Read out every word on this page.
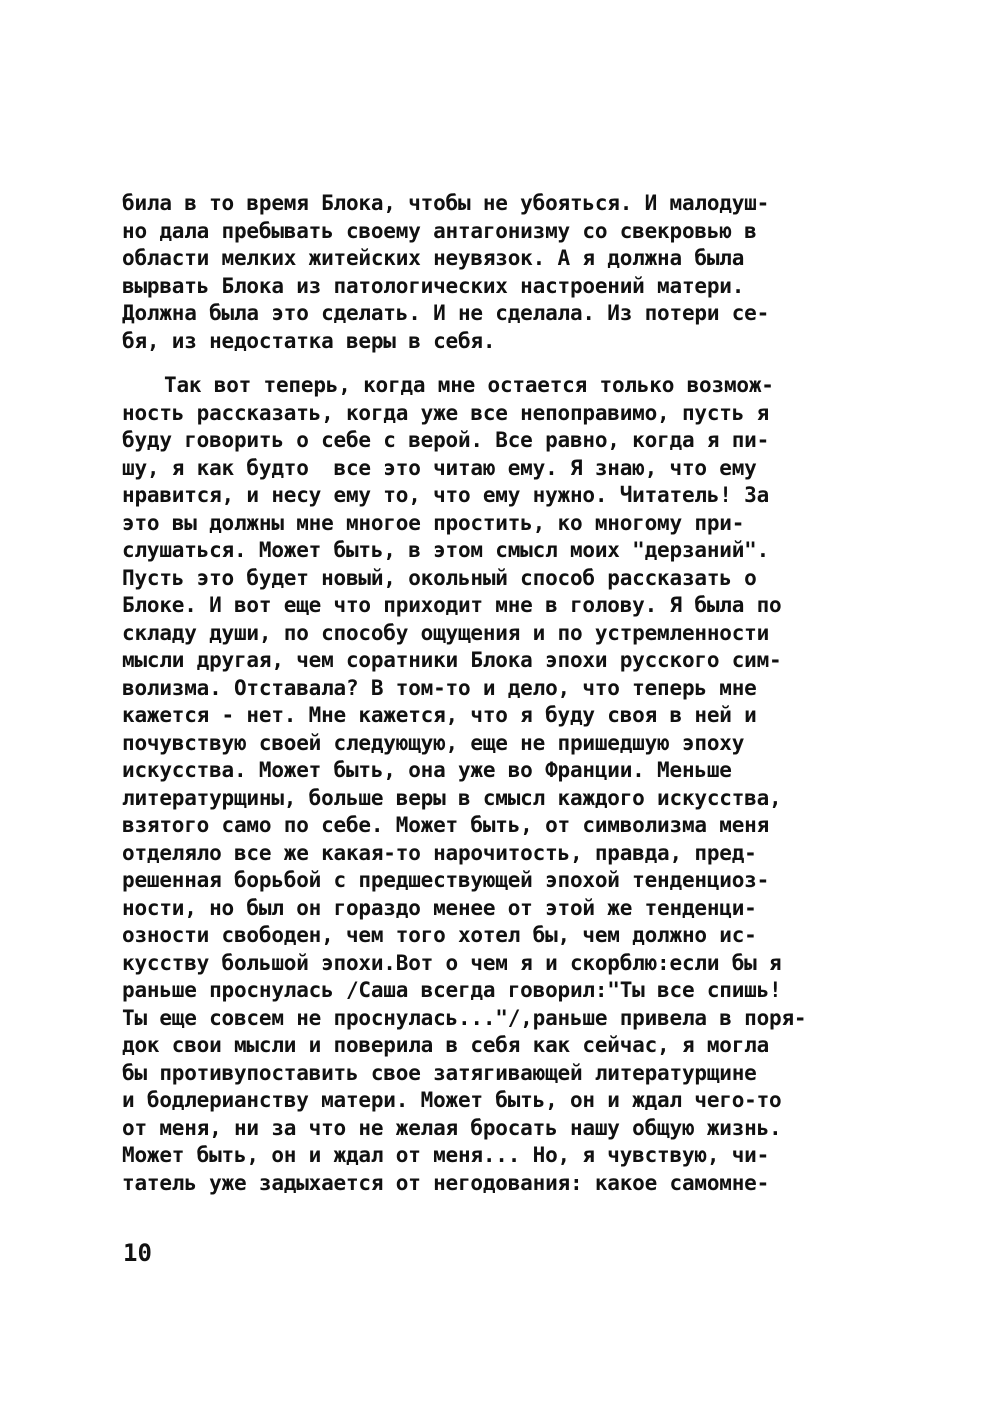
била в то время Блока, чтобы не убояться. И малодуш-
но дала пребывать своему антагонизму со свекровью в
области мелких житейских неувязок. А я должна была
вырвать Блока из патологических настроений матери.
Должна была это сделать. И не сделала. Из потери се-
бя, из недостатка веры в себя.
Так вот теперь, когда мне остается только возмож-
ность рассказать, когда уже все непоправимо, пусть я
буду говорить о себе с верой. Все равно, когда я пи-
шу, я как будто  все это читаю ему. Я знаю, что ему
нравится, и несу ему то, что ему нужно. Читатель! За
это вы должны мне многое простить, ко многому при-
слушаться. Может быть, в этом смысл моих "дерзаний".
Пусть это будет новый, окольный способ рассказать о
Блоке. И вот еще что приходит мне в голову. Я была по
складу души, по способу ощущения и по устремленности
мысли другая, чем соратники Блока эпохи русского сим-
волизма. Отставала? В том-то и дело, что теперь мне
кажется - нет. Мне кажется, что я буду своя в ней и
почувствую своей следующую, еще не пришедшую эпоху
искусства. Может быть, она уже во Франции. Меньше
литературщины, больше веры в смысл каждого искусства,
взятого само по себе. Может быть, от символизма меня
отделяло все же какая-то нарочитость, правда, пред-
решенная борьбой с предшествующей эпохой тенденциоз-
ности, но был он гораздо менее от этой же тенденци-
озности свободен, чем того хотел бы, чем должно ис-
кусству большой эпохи.Вот о чем я и скорблю:если бы я
раньше проснулась /Саша всегда говорил:"Ты все спишь!
Ты еще совсем не проснулась..."/,раньше привела в поря-
док свои мысли и поверила в себя как сейчас, я могла
бы противупоставить свое затягивающей литературщине
и бодлерианству матери. Может быть, он и ждал чего-то
от меня, ни за что не желая бросать нашу общую жизнь.
Может быть, он и ждал от меня... Но, я чувствую, чи-
татель уже задыхается от негодования: какое самомне-
10
